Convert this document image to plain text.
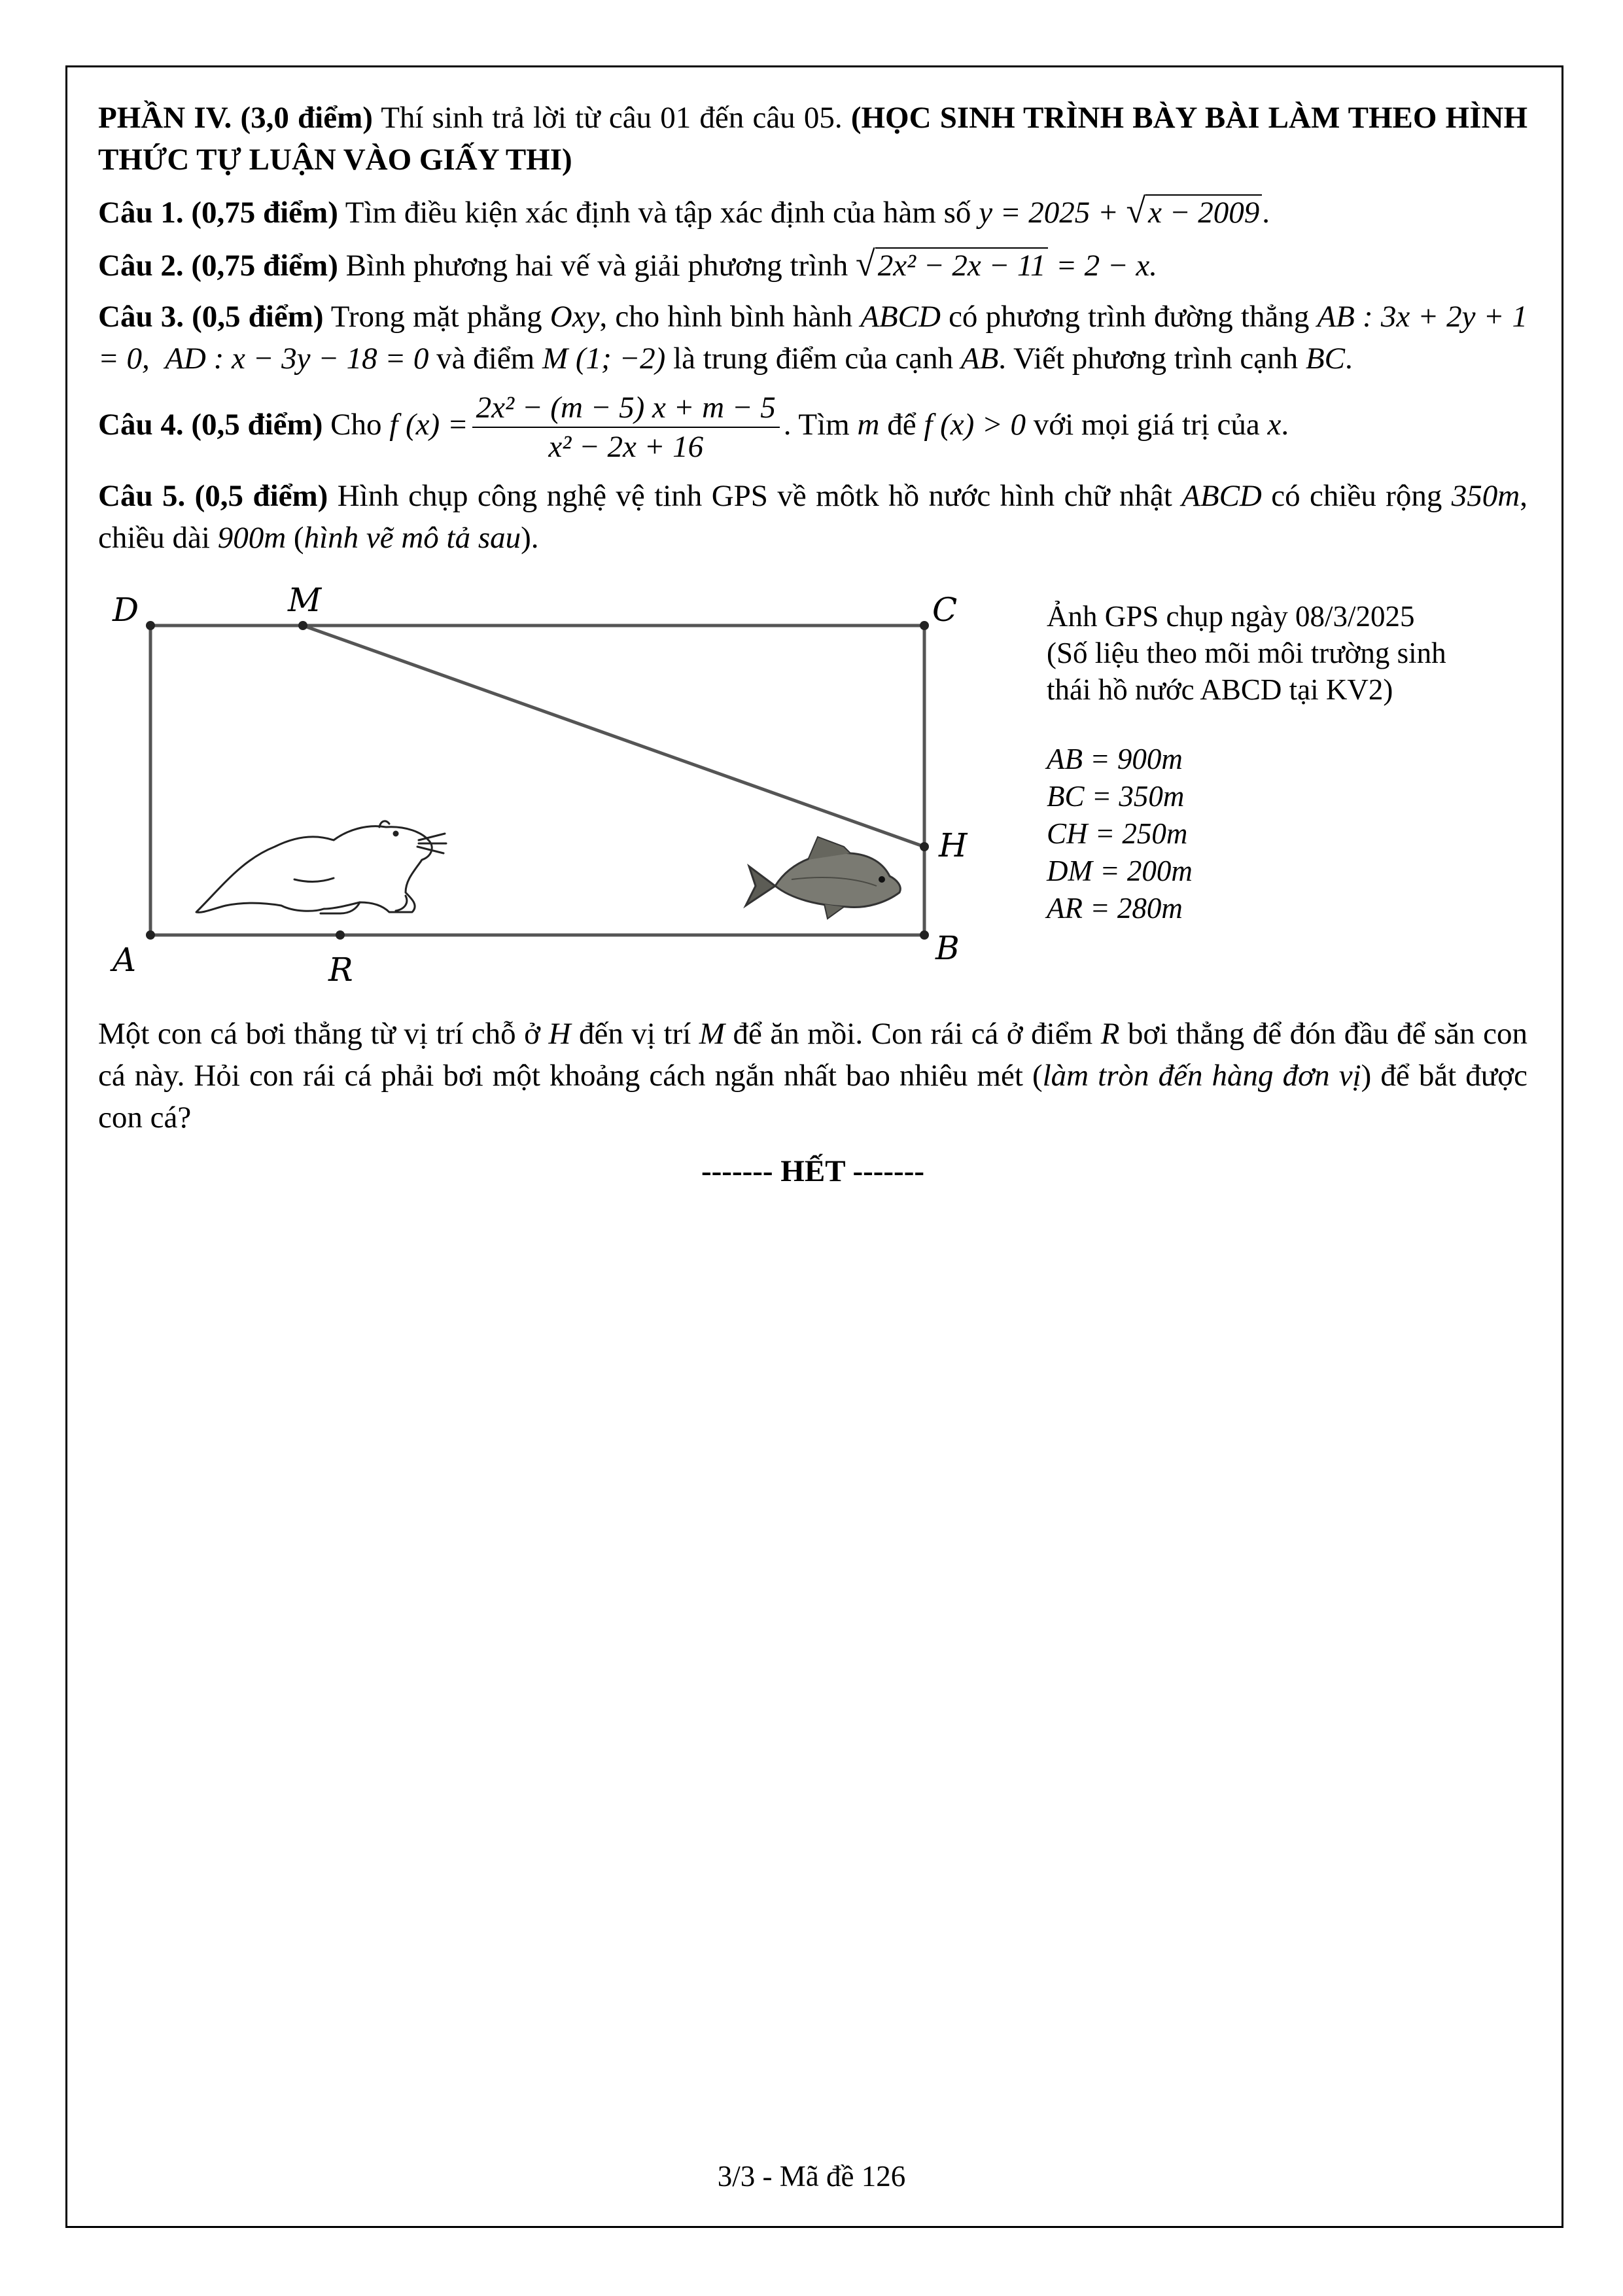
PHẦN IV. (3,0 điểm) Thí sinh trả lời từ câu 01 đến câu 05. (HỌC SINH TRÌNH BÀY BÀI LÀM THEO HÌNH THỨC TỰ LUẬN VÀO GIẤY THI)

Câu 1. (0,75 điểm) Tìm điều kiện xác định và tập xác định của hàm số y = 2025 + √x − 2009.

Câu 2. (0,75 điểm) Bình phương hai vế và giải phương trình √2x² − 2x − 11 = 2 − x.

Câu 3. (0,5 điểm) Trong mặt phẳng Oxy, cho hình bình hành ABCD có phương trình đường thẳng AB : 3x + 2y + 1 = 0, AD : x − 3y − 18 = 0 và điểm M (1; −2) là trung điểm của cạnh AB. Viết phương trình cạnh BC.

Câu 4. (0,5 điểm) Cho f $(x) = \frac{\text{2x² − (m − 5) x + m − 5}}{\text{x² − 2x + 16}}$ . Tìm m để f (x) > 0 với mọi giá trị của x.

Câu 5. (0,5 điểm) Hình chụp công nghệ vệ tinh GPS về môtk hồ nước hình chữ nhật ABCD có chiều rộng 350m, chiều dài 900m (hình vẽ mô tả sau).

D	M	C
H
A	R
B
Ảnh GPS chụp ngày 08/3/2025
(Số liệu theo mõi môi trường sinh
thái hồ nước ABCD tại KV2)
AB = 900m
BC = 350m
CH = 250m
DM = 200m
AR = 280m

Một con cá bơi thẳng từ vị trí chỗ ở H đến vị trí M để ăn mồi. Con rái cá ở điểm R bơi thẳng để đón đầu để săn con cá này. Hỏi con rái cá phải bơi một khoảng cách ngắn nhất bao nhiêu mét (làm tròn đến hàng đơn vị) để bắt được con cá?

------- HẾT -------

3/3 - Mã đề 126
